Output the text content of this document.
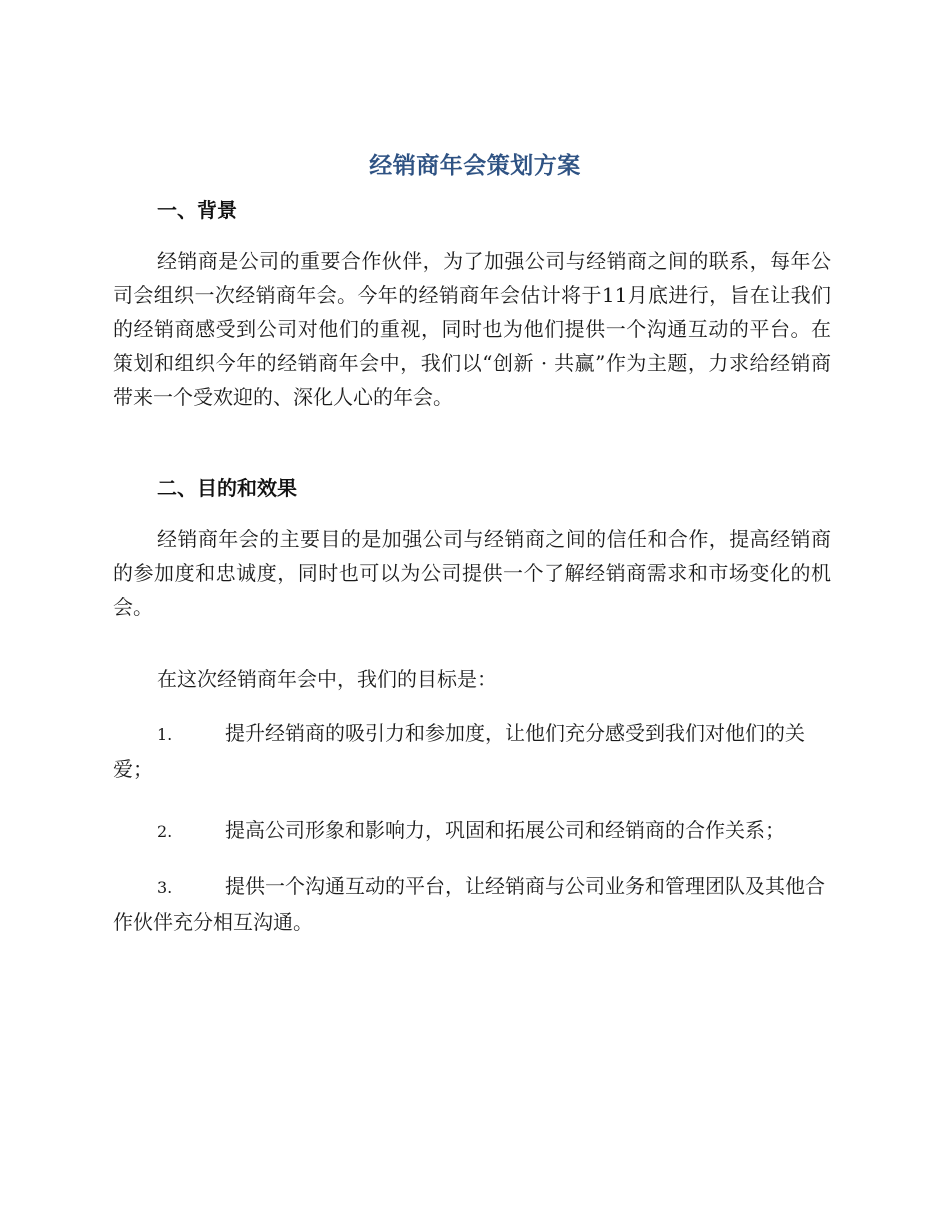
经销商年会策划方案
一、背景
经销商是公司的重要合作伙伴，为了加强公司与经销商之间的联系，每年公司会组织一次经销商年会。今年的经销商年会估计将于11月底进行，旨在让我们的经销商感受到公司对他们的重视，同时也为他们提供一个沟通互动的平台。在策划和组织今年的经销商年会中，我们以“创新 · 共赢”作为主题，力求给经销商带来一个受欢迎的、深化人心的年会。
二、目的和效果
经销商年会的主要目的是加强公司与经销商之间的信任和合作，提高经销商的参加度和忠诚度，同时也可以为公司提供一个了解经销商需求和市场变化的机会。
在这次经销商年会中，我们的目标是：
1.	提升经销商的吸引力和参加度，让他们充分感受到我们对他们的关爱；
2.	提高公司形象和影响力，巩固和拓展公司和经销商的合作关系；
3.	提供一个沟通互动的平台，让经销商与公司业务和管理团队及其他合作伙伴充分相互沟通。
